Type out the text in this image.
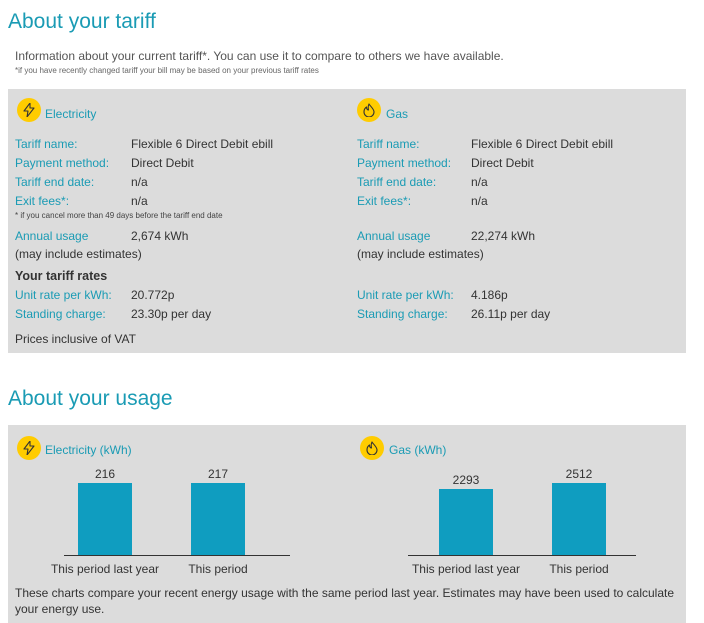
About your tariff
Information about your current tariff*. You can use it to compare to others we have available.
*if you have recently changed tariff your bill may be based on your previous tariff rates
Electricity
Tariff name:	Flexible 6 Direct Debit ebill
Payment method: Direct Debit
Tariff end date:	n/a
Exit fees*:	n/a
* if you cancel more than 49 days before the tariff end date
Annual usage	2,674 kWh
(may include estimates)
Your tariff rates
Unit rate per kWh: 20.772p
Standing charge: 23.30p per day
Prices inclusive of VAT
Gas
Tariff name:	Flexible 6 Direct Debit ebill
Payment method: Direct Debit
Tariff end date:	n/a
Exit fees*:	n/a
Annual usage	22,274 kWh
(may include estimates)
Unit rate per kWh: 4.186p
Standing charge: 26.11p per day
About your usage
Electricity (kWh)	Gas (kWh)
These charts compare your recent energy usage with the same period last year. Estimates may have been used to calculate your energy use.
216
This period last year
217
This period
2293
This period last year
2512
This period
